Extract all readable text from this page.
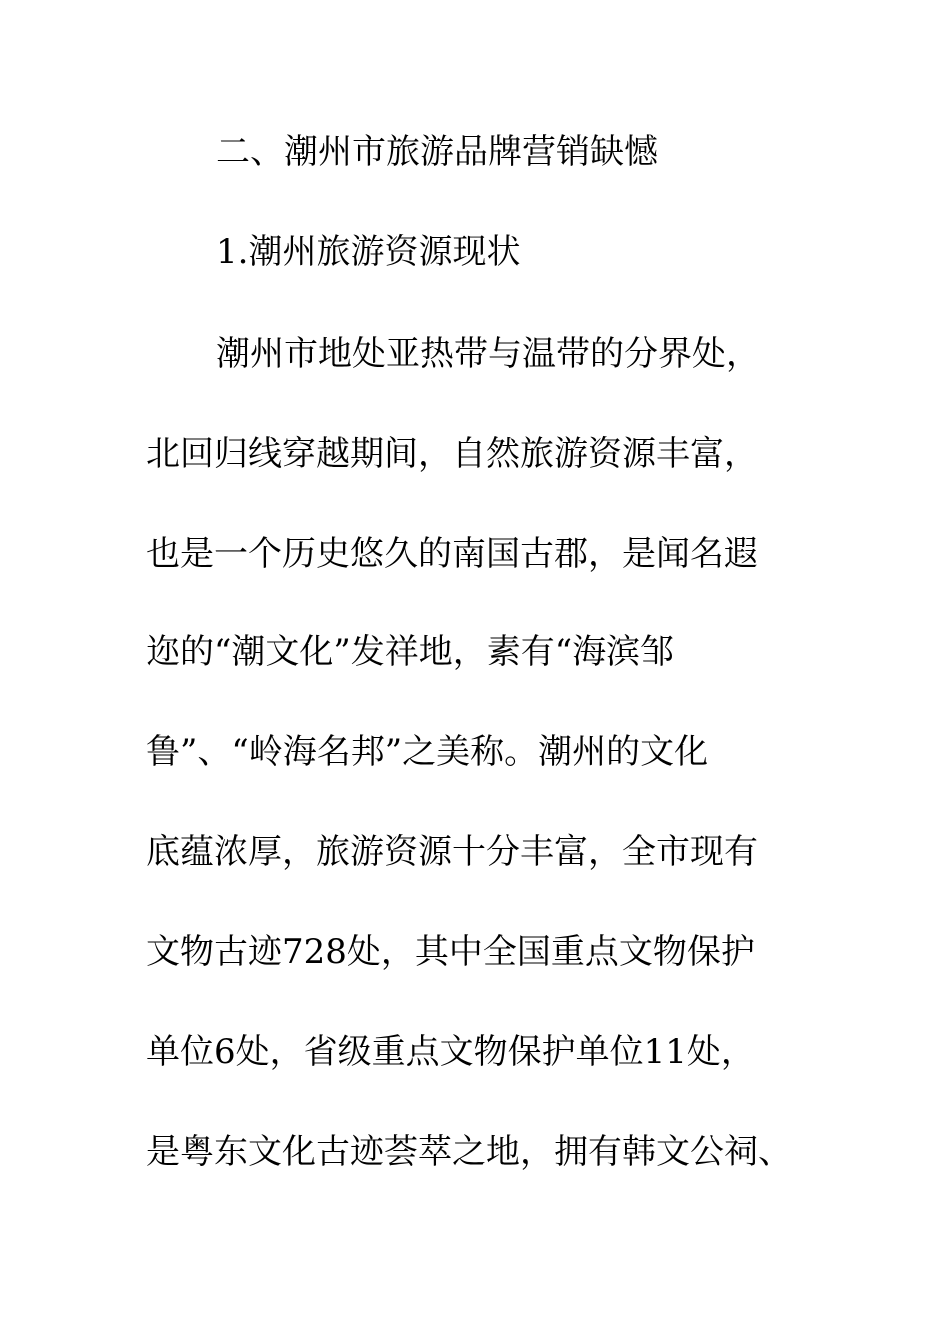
二、潮州市旅游品牌营销缺憾
1.潮州旅游资源现状
潮州市地处亚热带与温带的分界处，
北回归线穿越期间，自然旅游资源丰富，
也是一个历史悠久的南国古郡，是闻名遐
迩的“潮文化”发祥地，素有“海滨邹
鲁”、“岭海名邦”之美称。潮州的文化
底蕴浓厚，旅游资源十分丰富，全市现有
文物古迹728处，其中全国重点文物保护
单位6处，省级重点文物保护单位11处，
是粤东文化古迹荟萃之地，拥有韩文公祠、
